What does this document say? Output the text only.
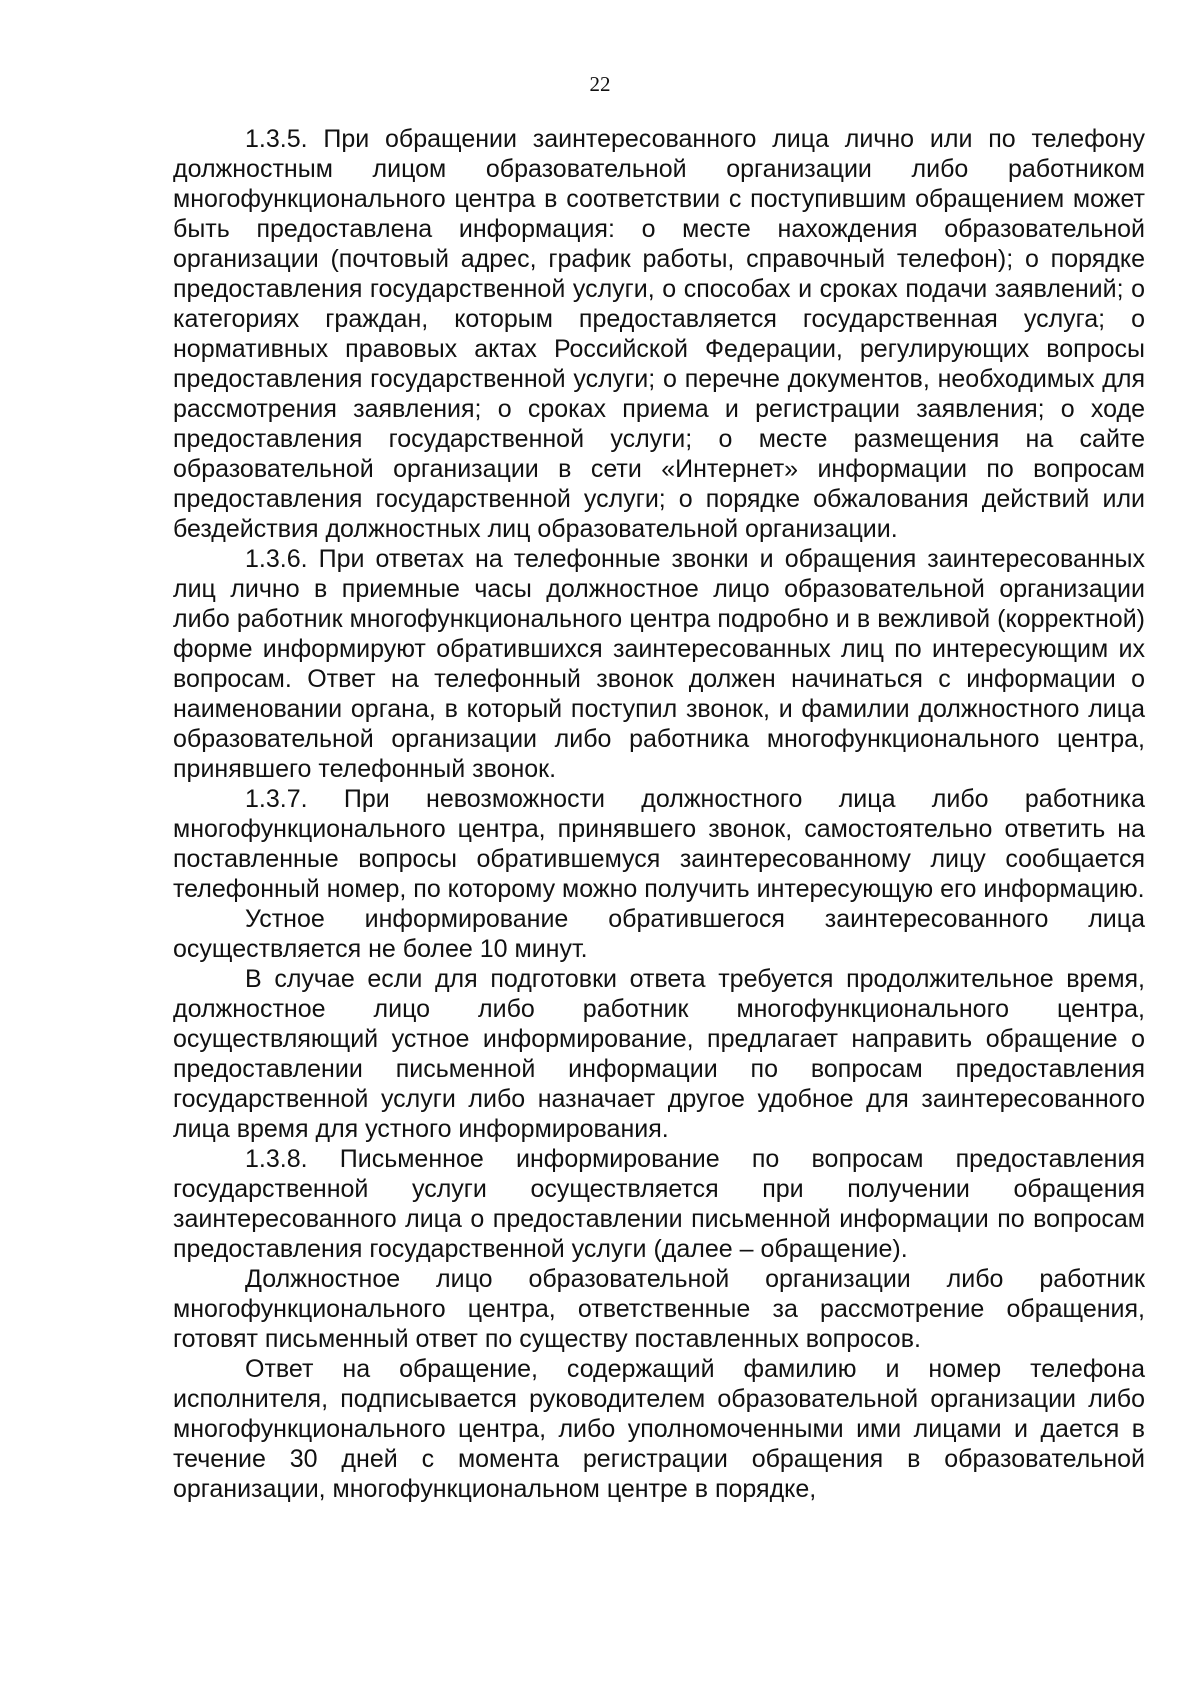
22

1.3.5. При обращении заинтересованного лица лично или по телефону должностным лицом образовательной организации либо работником многофункционального центра в соответствии с поступившим обращением может быть предоставлена информация: о месте нахождения образовательной организации (почтовый адрес, график работы, справочный телефон); о порядке предоставления государственной услуги, о способах и сроках подачи заявлений; о категориях граждан, которым предоставляется государственная услуга; о нормативных правовых актах Российской Федерации, регулирующих вопросы предоставления государственной услуги; о перечне документов, необходимых для рассмотрения заявления; о сроках приема и регистрации заявления; о ходе предоставления государственной услуги; о месте размещения на сайте образовательной организации в сети «Интернет» информации по вопросам предоставления государственной услуги; о порядке обжалования действий или бездействия должностных лиц образовательной организации.

1.3.6. При ответах на телефонные звонки и обращения заинтересованных лиц лично в приемные часы должностное лицо образовательной организации либо работник многофункционального центра подробно и в вежливой (корректной) форме информируют обратившихся заинтересованных лиц по интересующим их вопросам. Ответ на телефонный звонок должен начинаться с информации о наименовании органа, в который поступил звонок, и фамилии должностного лица образовательной организации либо работника многофункционального центра, принявшего телефонный звонок.

1.3.7. При невозможности должностного лица либо работника многофункционального центра, принявшего звонок, самостоятельно ответить на поставленные вопросы обратившемуся заинтересованному лицу сообщается телефонный номер, по которому можно получить интересующую его информацию.

Устное информирование обратившегося заинтересованного лица осуществляется не более 10 минут.

В случае если для подготовки ответа требуется продолжительное время, должностное лицо либо работник многофункционального центра, осуществляющий устное информирование, предлагает направить обращение о предоставлении письменной информации по вопросам предоставления государственной услуги либо назначает другое удобное для заинтересованного лица время для устного информирования.

1.3.8. Письменное информирование по вопросам предоставления государственной услуги осуществляется при получении обращения заинтересованного лица о предоставлении письменной информации по вопросам предоставления государственной услуги (далее – обращение).

Должностное лицо образовательной организации либо работник многофункционального центра, ответственные за рассмотрение обращения, готовят письменный ответ по существу поставленных вопросов.

Ответ на обращение, содержащий фамилию и номер телефона исполнителя, подписывается руководителем образовательной организации либо многофункционального центра, либо уполномоченными ими лицами и дается в течение 30 дней с момента регистрации обращения в образовательной организации, многофункциональном центре в порядке,
